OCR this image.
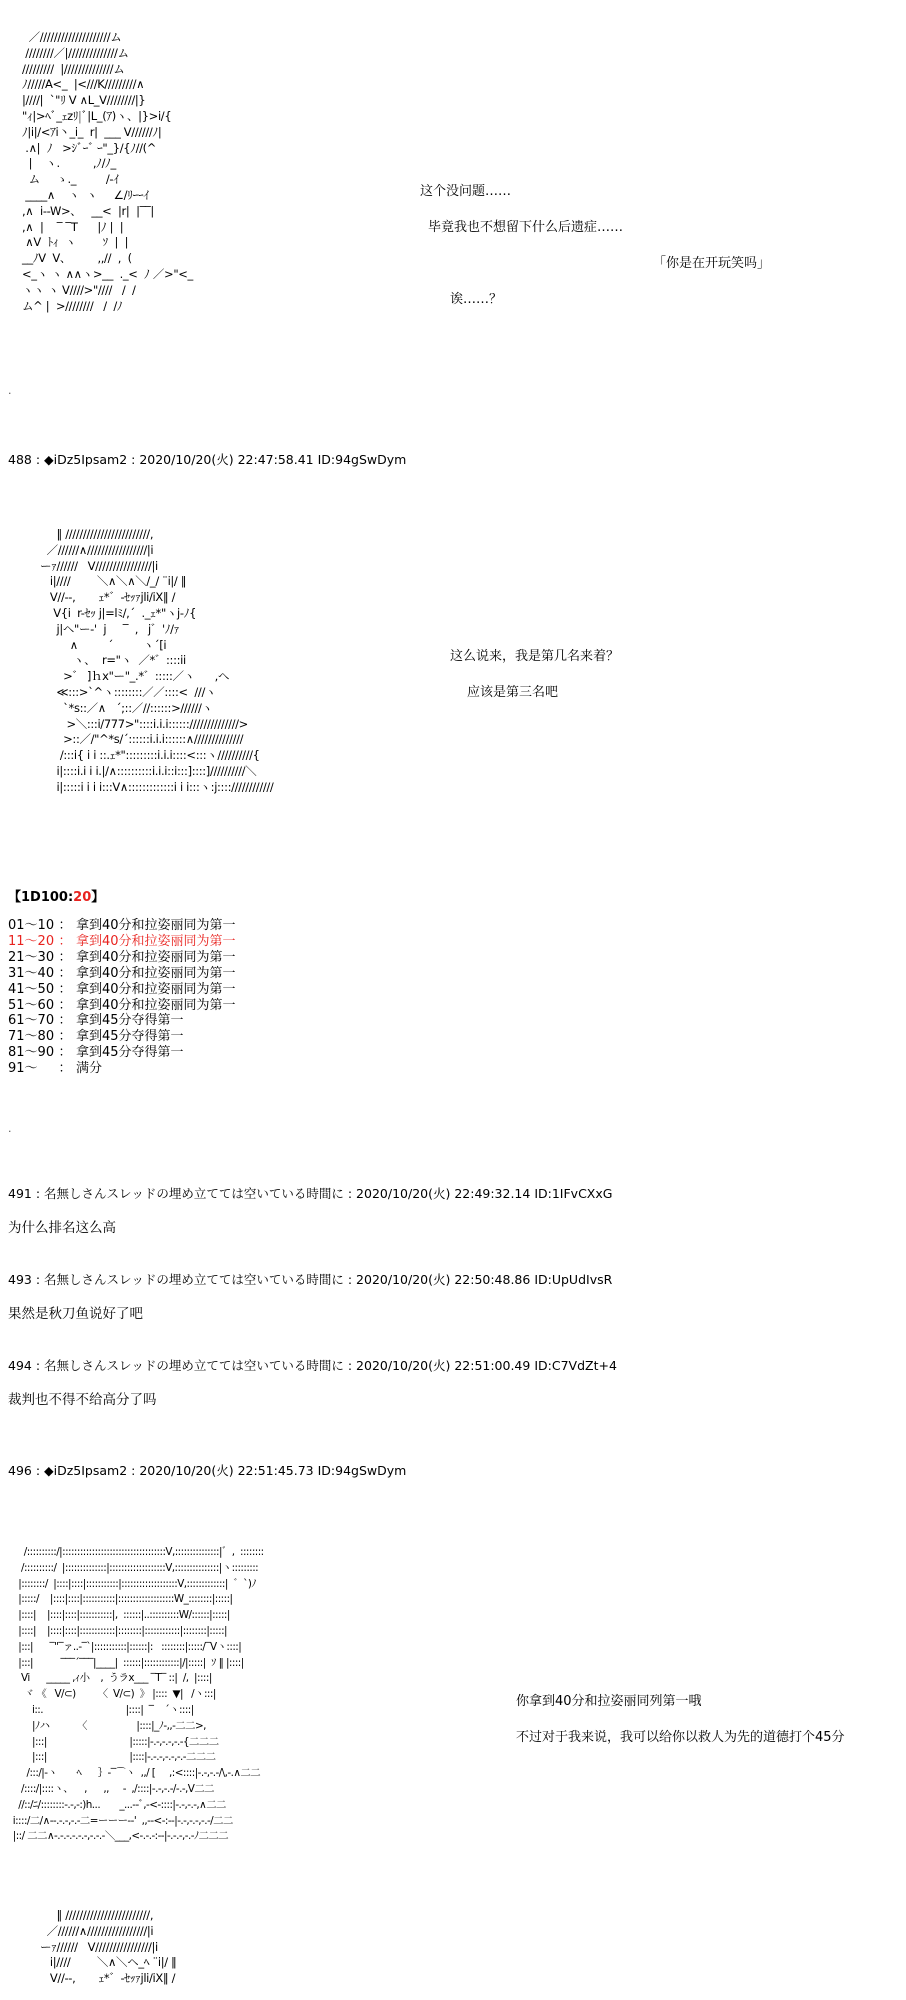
／////////////////////ム
////////／|//////////////ム
/////////  |//////////////ム
ﾉ/////A<_  |<///K/////////∧
|////|  `"ﾘ V ∧L_V////////|}
"ｨ|>ﾍﾞ_ｪzﾘ|ﾞ|L_(ｱ)ヽ、|}>i/{
ﾉ|i|/<ｱi丶_i_  r|  ___ V//////ﾉ|
.∧|  ﾉ   >ｼﾞｰﾞ ｰ"_}/{ﾉ//(^
|    ヽ.          ,ﾉ/ﾉ_
ム     ゝ._         /-ｲ
____∧    ヽ  ヽ     ∠/ﾘｰｰｲ
,∧  i--W>、   __<  |r|  |‾‾|
,∧  |    ‾ ‾T      |ﾉ |  |
∧V  ﾄｨ  ヽ        ｿ  |  |
__ﾉV  V、        ,,//  ,  (
<_ヽ ヽ ∧∧ヽ>__  ._<  ﾉ ／>"<_
ヽヽ ヽ V////>"////   /  /
ム^ |  >////////   /  /ﾉ
这个没问题……
毕竟我也不想留下什么后遗症……
「你是在开玩笑吗」
诶……？
.
488 : ◆iDz5Ipsam2 : 2020/10/20(火) 22:47:58.41 ID:94gSwDym
‖ ////////////////////////,
／//////∧/////////////////|i
ーｧ//////   V////////////////|i
i|////        ＼∧＼∧＼/_/ ¨i|/ ‖
V//--,       ｪ*゛-ｾｯｧjli/iX‖ /
V{i  r-ｾｯ j|=lﾐ/,´  ._ｪ*"ヽj-ﾉ{
j|ヘ"ー-'  j     ‾  ,   j゛'ﾉ/ｧ
∧         ´         ヽ´[i
ヽ、  r="ヽ  ／*゛::::ii
>゛ ]ｈx"ー"_.*゛:::::／ヽ      ,へ
≪:::>`^ヽ::::::::／／::::<  ///ヽ
`*s::／∧   ´;::／//::::::>//////ヽ
>＼:::i/777>"::::i.i.i:::::://////////////>
>::／/"^*s/´::::::i.i.i::::::∧//////////////
/:::i{ i i ::.ｪ*":::::::::i.i.i::::<:::ヽ//////////{
i|::::i.i i i.|/∧::::::::::i.i.i::i:::]::::]//////////＼
i|:::::i i i i:::V∧:::::::::::::i i i:::ヽ:j::::////////////
这么说来，我是第几名来着？
应该是第三名吧
【1D100:20】
01〜10 ： 拿到40分和拉姿丽同为第一
11〜20 ： 拿到40分和拉姿丽同为第一
21〜30 ： 拿到40分和拉姿丽同为第一
31〜40 ： 拿到40分和拉姿丽同为第一
41〜50 ： 拿到40分和拉姿丽同为第一
51〜60 ： 拿到40分和拉姿丽同为第一
61〜70 ： 拿到45分夺得第一
71〜80 ： 拿到45分夺得第一
81〜90 ： 拿到45分夺得第一
91〜	： 满分
.
491 : 名無しさんスレッドの埋め立てては空いている時間に : 2020/10/20(火) 22:49:32.14 ID:1IFvCXxG
为什么排名这么高
493 : 名無しさんスレッドの埋め立てては空いている時間に : 2020/10/20(火) 22:50:48.86 ID:UpUdIvsR
果然是秋刀鱼说好了吧
494 : 名無しさんスレッドの埋め立てては空いている時間に : 2020/10/20(火) 22:51:00.49 ID:C7VdZt+4
裁判也不得不给高分了吗
496 : ◆iDz5Ipsam2 : 2020/10/20(火) 22:51:45.73 ID:94gSwDym
/::::::::::/|:::::::::::::::::::::::::::::::::::V,:::::::::::::::|゛,  ::::::::
/::::::::::/  |::::::::::::::|:::::::::::::::::::V,:::::::::::::::|ヽ:::::::::
|::::::::/  |::::|::::|:::::::::::|:::::::::::::::::::V,:::::::::::::|  ゛`)ﾉ
|:::::/    |::::|::::|:::::::::::|:::::::::::::::::::W_::::::::|:::::|
|::::|    |::::|::::|:::::::::::|,  ::::::|..::::::::::W/::::::|:::::|
|::::|    |::::|::::|::::::::::::|::::::::|::::::::::::|::::::::|:::::|
|:::|      ‾"‾ァ..-‾`|:::::::::::|::::::|:   ::::::::|:::::/‾Vヽ::::|
|:::|          ‾‾‾´‾‾‾|____|  ::::::|::::::::::::|/|:::::|  ｿ ‖ |::::|
Vi      _____ ,ｨ小    ,  うラx___ ‾T‾ ::|  /,  |::::|
ヾ 《   V/⊂)        〈  V/⊂)  》 |::::  ▼|   /ヽ:::|
i::.                              |::::|  ‾    ´ヽ::::|
|ﾉハ          〈                  |::::|_ﾉ-,,-二二>,
|:::|                              |:::::|-.-,-.-,-.-{二二二
|:::|                              |::::|-.-.-,-.-,-.-二二二
/:::/|-ヽ       ﾍ      ｝-‾⌒ヽ  ,,/ [     ,:<::::|-.-,-.-/\,-.∧二二
/::::/|::::ヽ、    ,      ,,     ‐  ,/::::|-.-,-.-/-.-,V二二
//::/ﾆ/::::::::-.-,-:)h...       _...--ﾞ,-<-::::|-.-,-.-,∧二二
i::::/二/∧--.-.-,-.-二=ーーー--'  ,,--<-:--|-.-,-.-,-.-/二二
|::/ 二二∧-.-.-.-.-.-,-.-.-＼___,<-.-.-:--|-.-.-,-.-ﾉ二二二
你拿到40分和拉姿丽同列第一哦
不过对于我来说，我可以给你以救人为先的道德打个45分
‖ ////////////////////////,
／//////∧/////////////////|i
ーｧ//////   V////////////////|i
i|////        ＼∧＼ヘ_ﾍ ¨i|/ ‖
V//--,       ｪ*゛-ｾｯｧjli/iX‖ /
